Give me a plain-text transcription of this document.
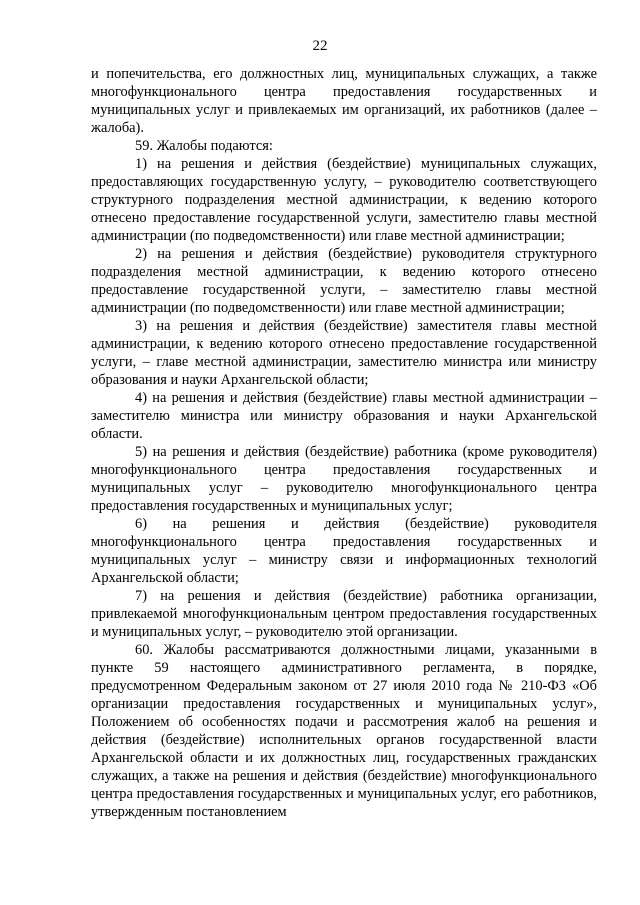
22

и попечительства, его должностных лиц, муниципальных служащих, а также многофункционального центра предоставления государственных и муниципальных услуг и привлекаемых им организаций, их работников (далее – жалоба).

59. Жалобы подаются:

1) на решения и действия (бездействие) муниципальных служащих, предоставляющих государственную услугу, – руководителю соответствующего структурного подразделения местной администрации, к ведению которого отнесено предоставление государственной услуги, заместителю главы местной администрации (по подведомственности) или главе местной администрации;

2) на решения и действия (бездействие) руководителя структурного подразделения местной администрации, к ведению которого отнесено предоставление государственной услуги, – заместителю главы местной администрации (по подведомственности) или главе местной администрации;

3) на решения и действия (бездействие) заместителя главы местной администрации, к ведению которого отнесено предоставление государственной услуги, – главе местной администрации, заместителю министра или министру образования и науки Архангельской области;

4) на решения и действия (бездействие) главы местной администрации – заместителю министра или министру образования и науки Архангельской области.

5) на решения и действия (бездействие) работника (кроме руководителя) многофункционального центра предоставления государственных и муниципальных услуг – руководителю многофункционального центра предоставления государственных и муниципальных услуг;

6) на решения и действия (бездействие) руководителя многофункционального центра предоставления государственных и муниципальных услуг – министру связи и информационных технологий Архангельской области;

7) на решения и действия (бездействие) работника организации, привлекаемой многофункциональным центром предоставления государственных и муниципальных услуг, – руководителю этой организации.

60. Жалобы рассматриваются должностными лицами, указанными в пункте 59 настоящего административного регламента, в порядке, предусмотренном Федеральным законом от 27 июля 2010 года № 210-ФЗ «Об организации предоставления государственных и муниципальных услуг», Положением об особенностях подачи и рассмотрения жалоб на решения и действия (бездействие) исполнительных органов государственной власти Архангельской области и их должностных лиц, государственных гражданских служащих, а также на решения и действия (бездействие) многофункционального центра предоставления государственных и муниципальных услуг, его работников, утвержденным постановлением
